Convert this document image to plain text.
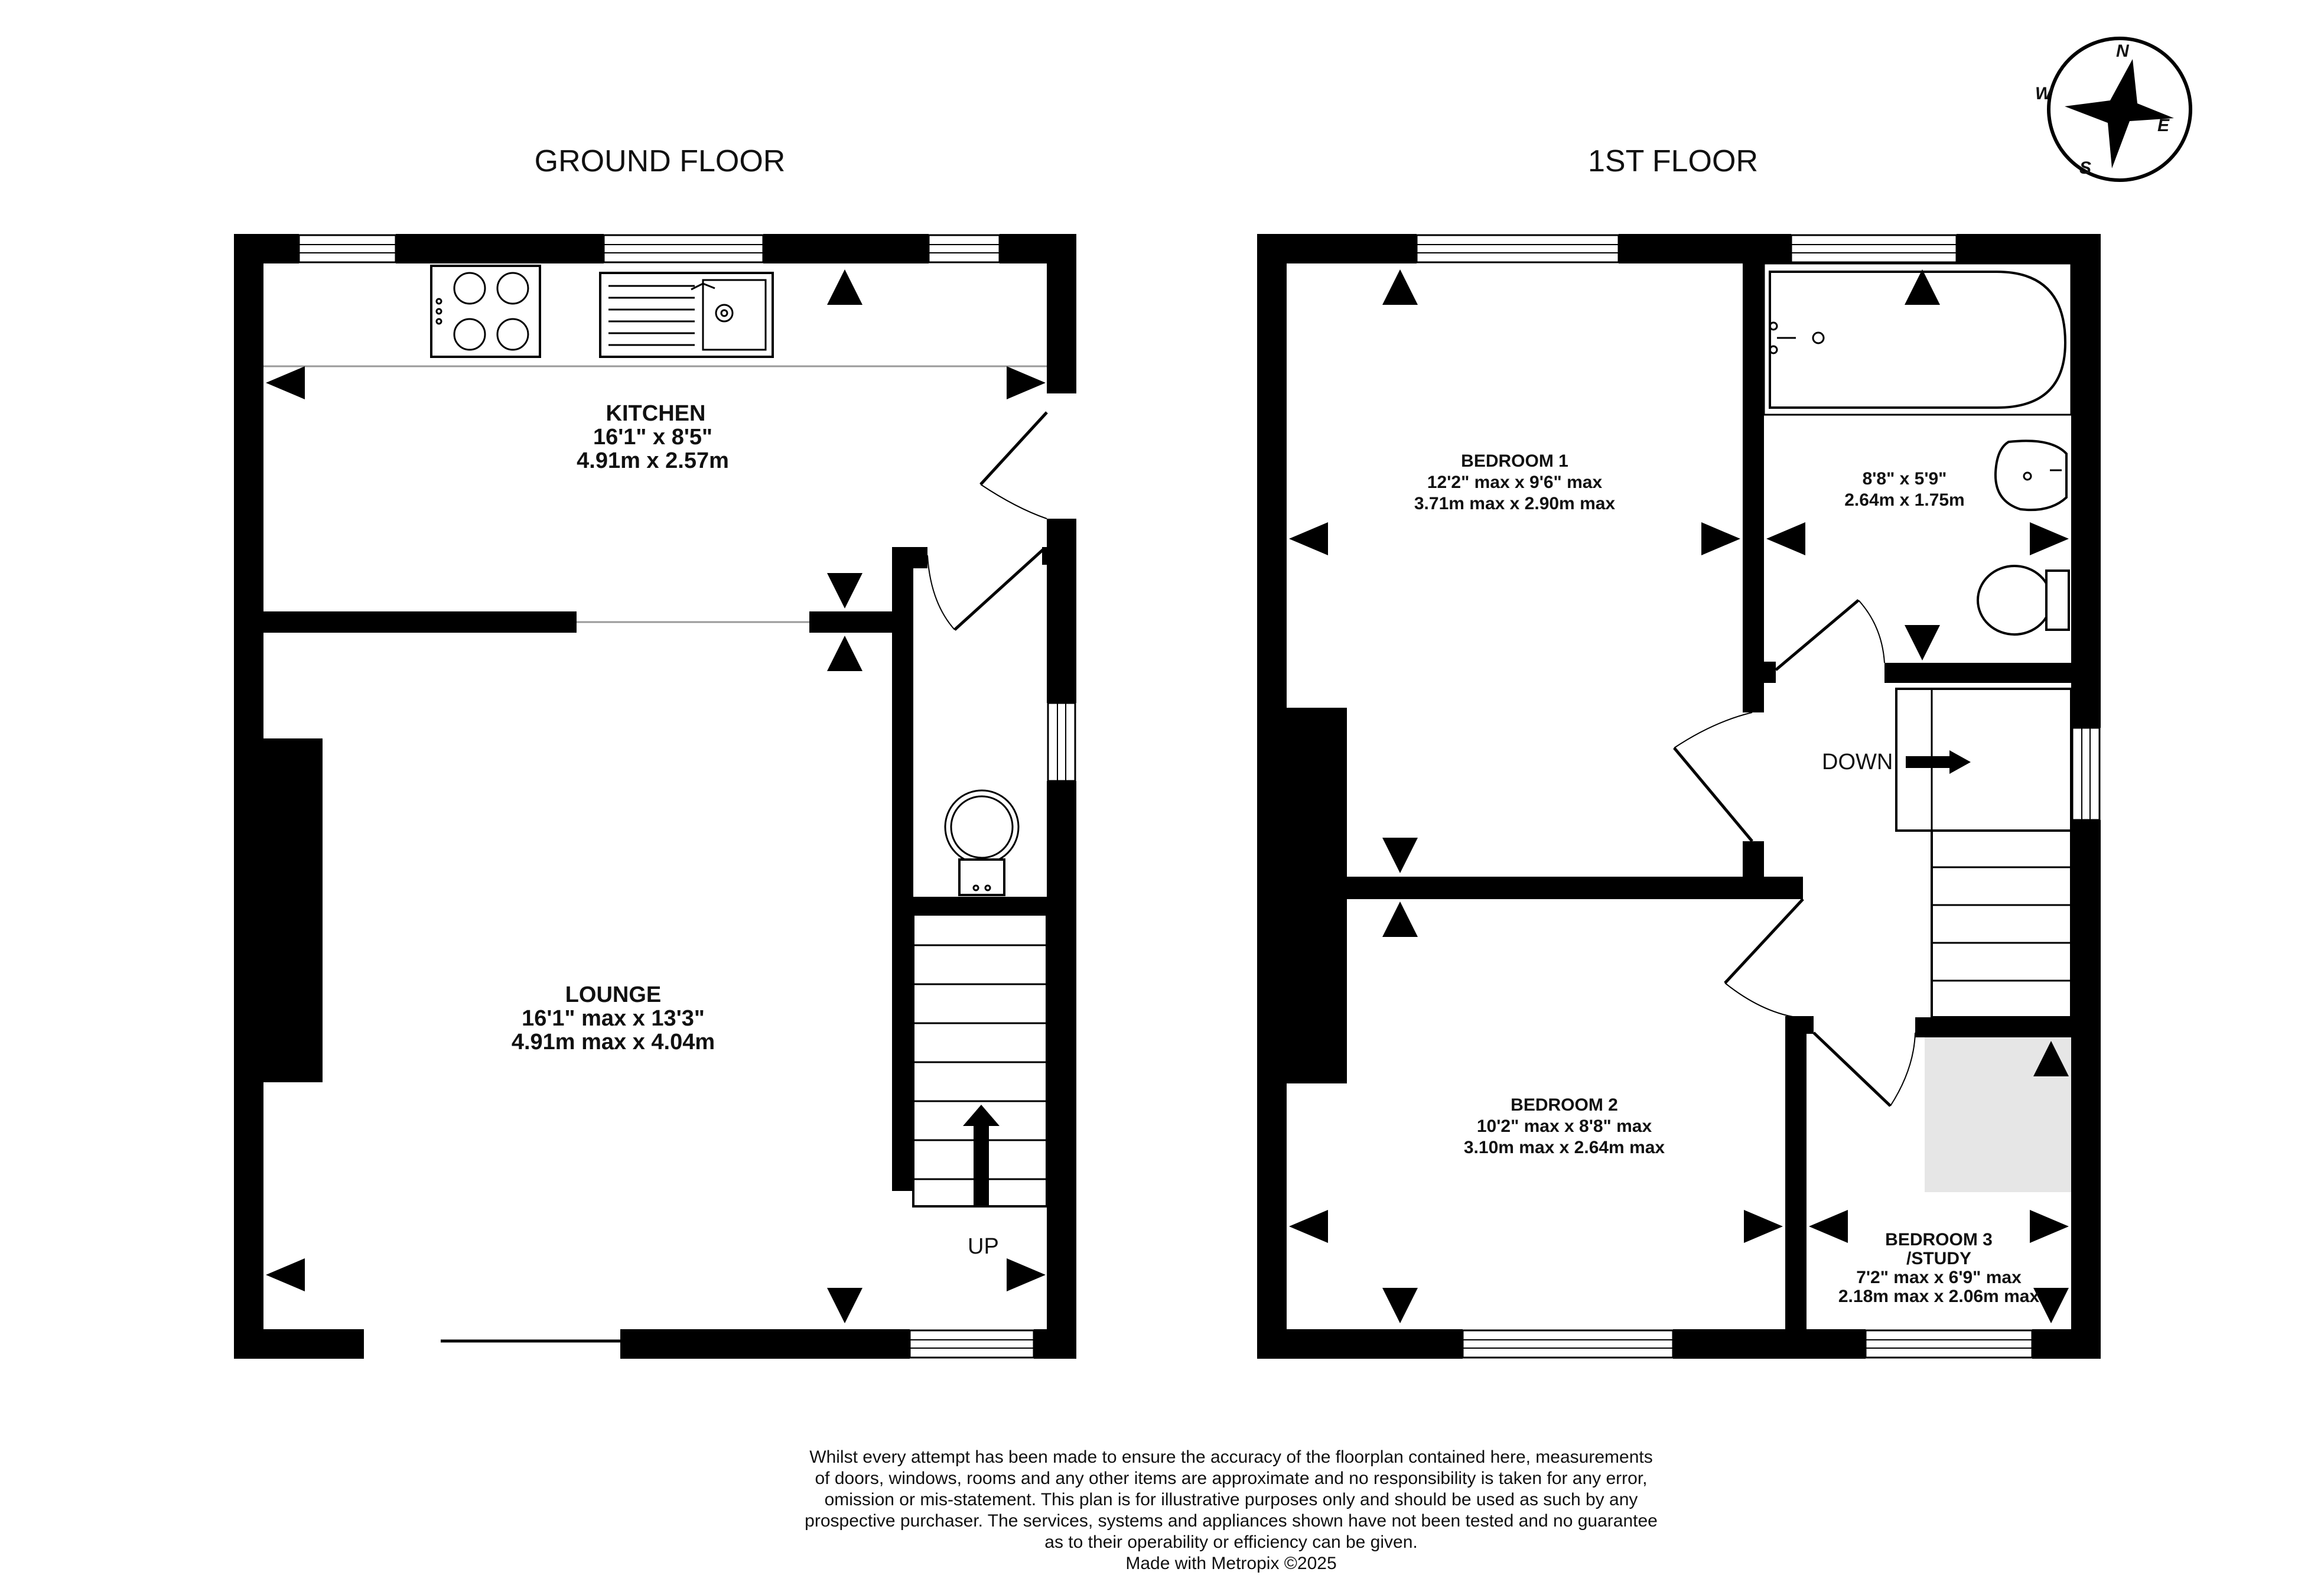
N
E
S
W
GROUND FLOOR
UP
KITCHEN
16'1" x 8'5"
4.91m x 2.57m
LOUNGE
16'1" max x 13'3"
4.91m max x 4.04m
1ST FLOOR
DOWN
BEDROOM 1
12'2" max x 9'6" max
3.71m max x 2.90m max
8'8" x 5'9"
2.64m x 1.75m
BEDROOM 2
10'2" max x 8'8" max
3.10m max x 2.64m max
BEDROOM 3
/STUDY
7'2" max x 6'9" max
2.18m max x 2.06m max
Whilst every attempt has been made to ensure the accuracy of the floorplan contained here, measurements
of doors, windows, rooms and any other items are approximate and no responsibility is taken for any error,
omission or mis-statement. This plan is for illustrative purposes only and should be used as such by any
prospective purchaser. The services, systems and appliances shown have not been tested and no guarantee
as to their operability or efficiency can be given.
Made with Metropix ©2025
